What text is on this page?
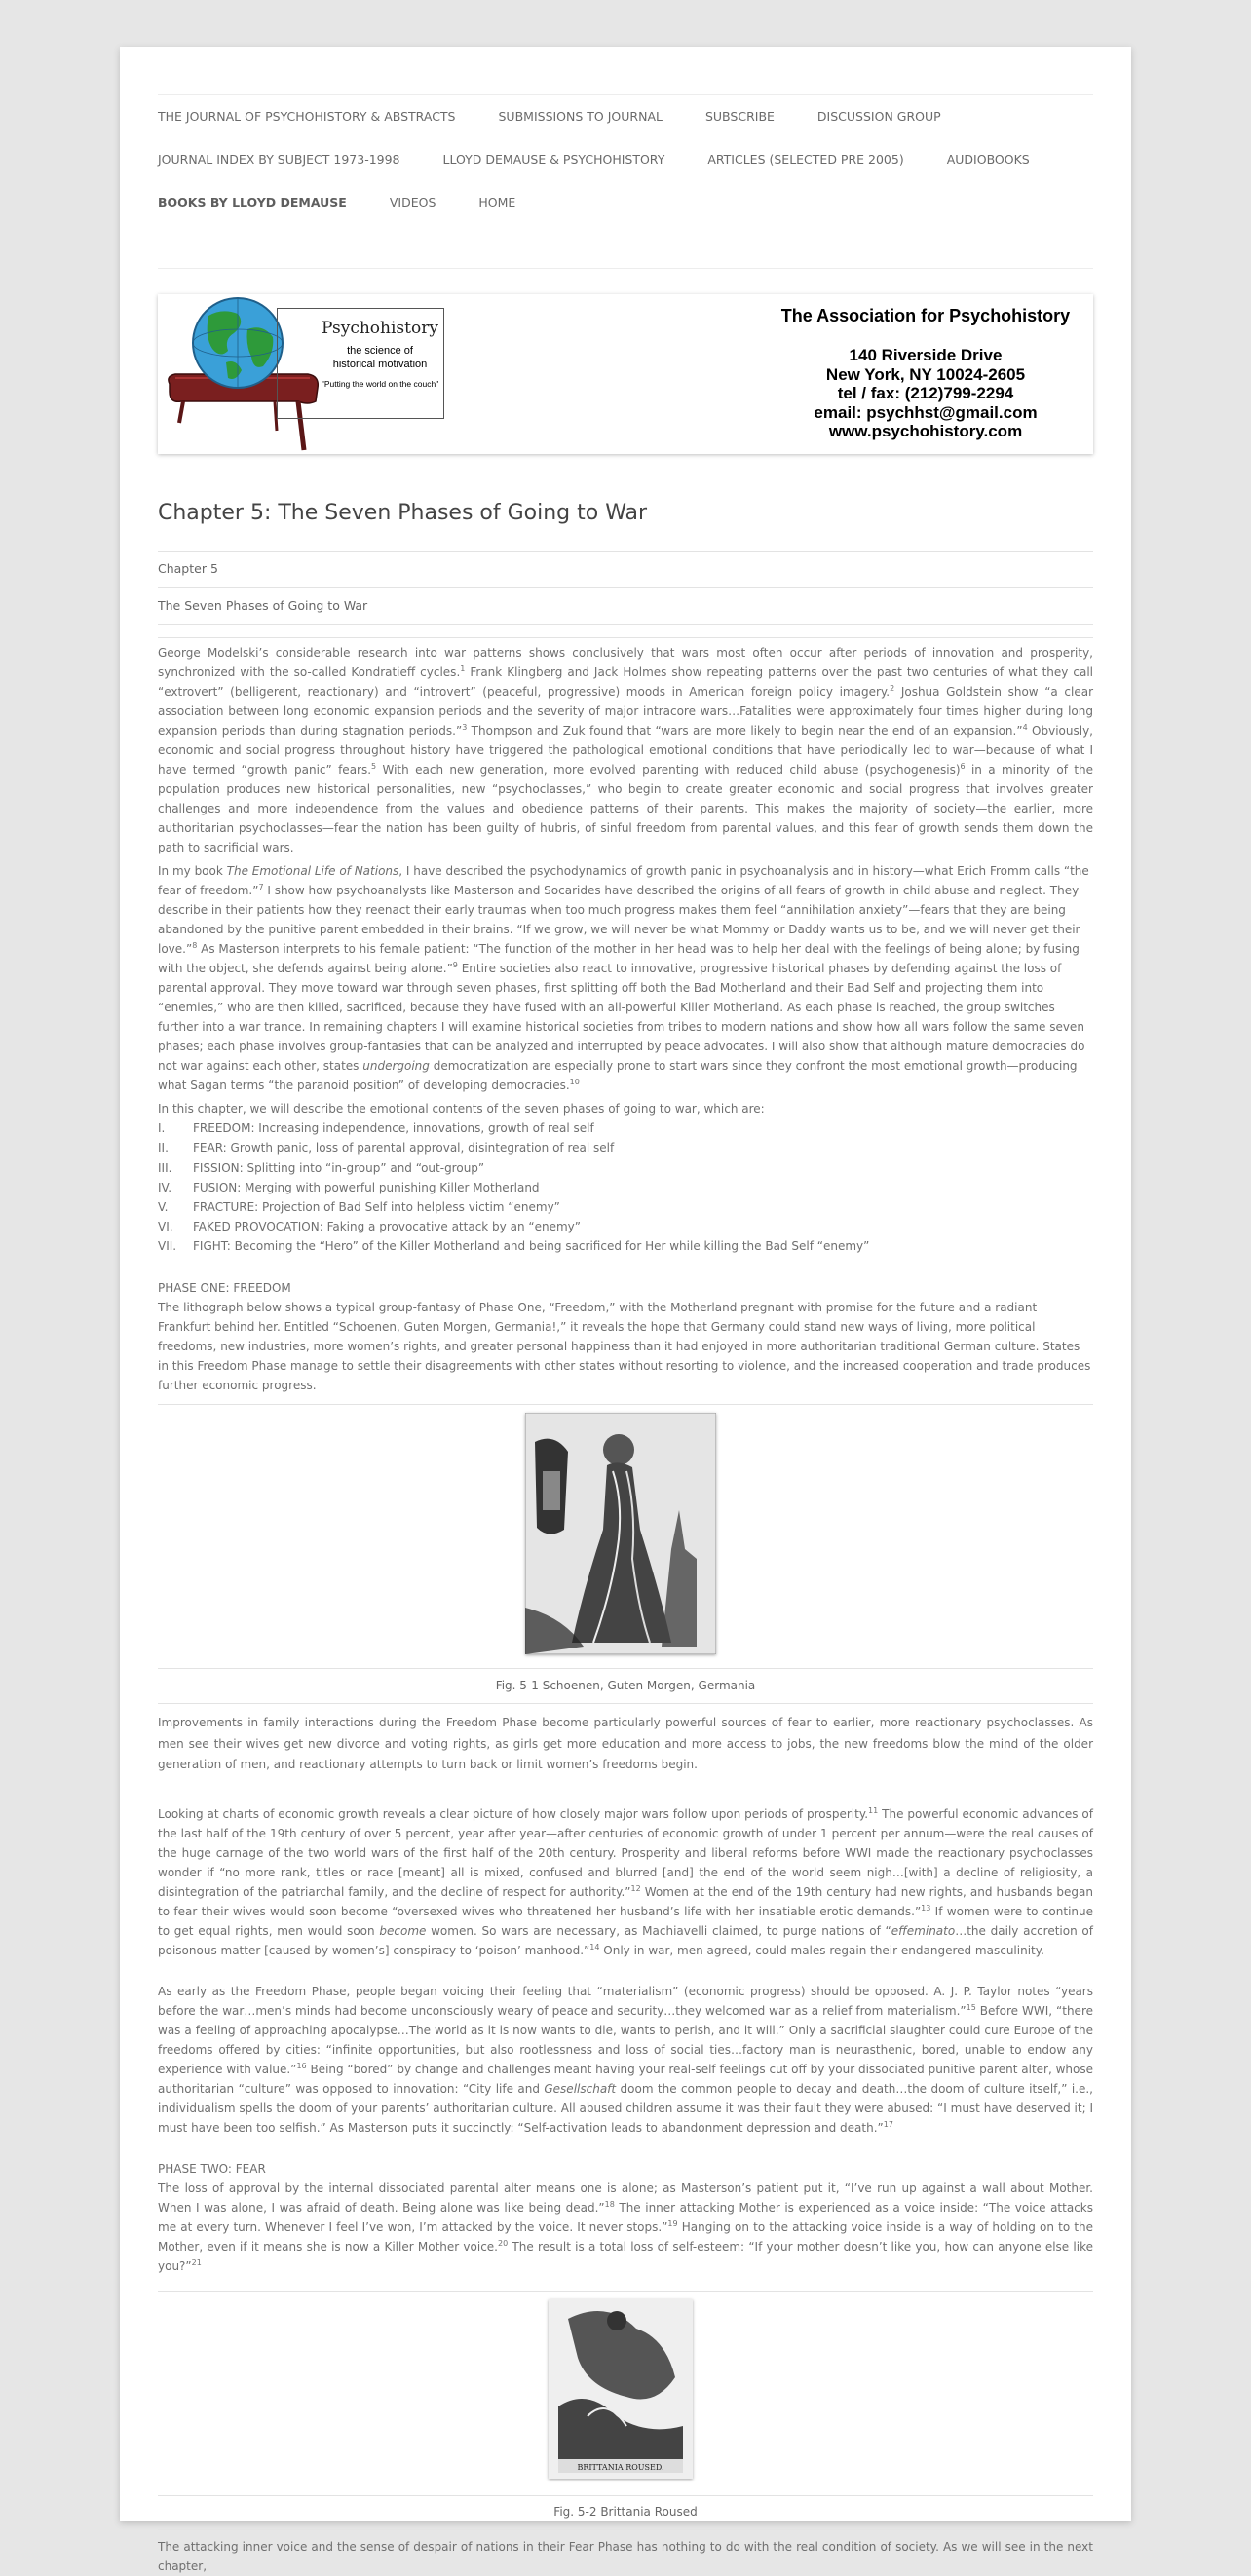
THE JOURNAL OF PSYCHOHISTORY & ABSTRACTS	SUBMISSIONS TO JOURNAL	SUBSCRIBE	DISCUSSION GROUP
JOURNAL INDEX BY SUBJECT 1973-1998	LLOYD DEMAUSE & PSYCHOHISTORY	ARTICLES (SELECTED PRE 2005)	AUDIOBOOKS
BOOKS BY LLOYD DEMAUSE	VIDEOS	HOME
Psychohistory
the science of
historical motivation
"Putting the world on the couch"
The Association for Psychohistory
140 Riverside Drive
New York, NY 10024-2605
tel / fax: (212)799-2294
email: psychhst@gmail.com
www.psychohistory.com
Chapter 5: The Seven Phases of Going to War
Chapter 5
The Seven Phases of Going to War
George Modelski’s considerable research into war patterns shows conclusively that wars most often occur after periods of innovation and prosperity, synchronized with the so-called Kondratieff cycles.$^1$ Frank Klingberg and Jack Holmes show repeating patterns over the past two centuries of what they call “extrovert” (belligerent, reactionary) and “introvert” (peaceful, progressive) moods in American foreign policy imagery.$^2$ Joshua Goldstein show “a clear association between long economic expansion periods and the severity of major intracore wars…Fatalities were approximately four times higher during long expansion periods than during stagnation periods.”$^3$ Thompson and Zuk found that “wars are more likely to begin near the end of an expansion.”$^4$ Obviously, economic and social progress throughout history have triggered the pathological emotional conditions that have periodically led to war—because of what I have termed “growth panic” fears.$^5$ With each new generation, more evolved parenting with reduced child abuse (psychogenesis)$^6$ in a minority of the population produces new historical personalities, new “psychoclasses,” who begin to create greater economic and social progress that involves greater challenges and more independence from the values and obedience patterns of their parents. This makes the majority of society—the earlier, more authoritarian psychoclasses—fear the nation has been guilty of hubris, of sinful freedom from parental values, and this fear of growth sends them down the path to sacrificial wars.
In my book The Emotional Life of Nations, I have described the psychodynamics of growth panic in psychoanalysis and in history—what Erich Fromm calls “the fear of freedom.”$^7$ I show how psychoanalysts like Masterson and Socarides have described the origins of all fears of growth in child abuse and neglect. They describe in their patients how they reenact their early traumas when too much progress makes them feel “annihilation anxiety”—fears that they are being abandoned by the punitive parent embedded in their brains. “If we grow, we will never be what Mommy or Daddy wants us to be, and we will never get their love.”$^8$ As Masterson interprets to his female patient: “The function of the mother in her head was to help her deal with the feelings of being alone; by fusing with the object, she defends against being alone.”$^9$ Entire societies also react to innovative, progressive historical phases by defending against the loss of parental approval. They move toward war through seven phases, first splitting off both the Bad Motherland and their Bad Self and projecting them into “enemies,” who are then killed, sacrificed, because they have fused with an all-powerful Killer Motherland. As each phase is reached, the group switches further into a war trance. In remaining chapters I will examine historical societies from tribes to modern nations and show how all wars follow the same seven phases; each phase involves group-fantasies that can be analyzed and interrupted by peace advocates. I will also show that although mature democracies do not war against each other, states undergoing democratization are especially prone to start wars since they confront the most emotional growth—producing what Sagan terms “the paranoid position” of developing democracies.$^{10}$
In this chapter, we will describe the emotional contents of the seven phases of going to war, which are:
I. FREEDOM: Increasing independence, innovations, growth of real self
II. FEAR: Growth panic, loss of parental approval, disintegration of real self
III. FISSION: Splitting into “in-group” and “out-group”
IV. FUSION: Merging with powerful punishing Killer Motherland
V. FRACTURE: Projection of Bad Self into helpless victim “enemy”
VI. FAKED PROVOCATION: Faking a provocative attack by an “enemy”
VII. FIGHT: Becoming the “Hero” of the Killer Motherland and being sacrificed for Her while killing the Bad Self “enemy”
PHASE ONE: FREEDOM
The lithograph below shows a typical group-fantasy of Phase One, “Freedom,” with the Motherland pregnant with promise for the future and a radiant Frankfurt behind her. Entitled “Schoenen, Guten Morgen, Germania!,” it reveals the hope that Germany could stand new ways of living, more political freedoms, new industries, more women’s rights, and greater personal happiness than it had enjoyed in more authoritarian traditional German culture. States in this Freedom Phase manage to settle their disagreements with other states without resorting to violence, and the increased cooperation and trade produces further economic progress.
Fig. 5-1 Schoenen, Guten Morgen, Germania
Improvements in family interactions during the Freedom Phase become particularly powerful sources of fear to earlier, more reactionary psychoclasses. As men see their wives get new divorce and voting rights, as girls get more education and more access to jobs, the new freedoms blow the mind of the older generation of men, and reactionary attempts to turn back or limit women’s freedoms begin.
Looking at charts of economic growth reveals a clear picture of how closely major wars follow upon periods of prosperity.$^{11}$ The powerful economic advances of the last half of the 19th century of over 5 percent, year after year—after centuries of economic growth of under 1 percent per annum—were the real causes of the huge carnage of the two world wars of the first half of the 20th century. Prosperity and liberal reforms before WWI made the reactionary psychoclasses wonder if “no more rank, titles or race [meant] all is mixed, confused and blurred [and] the end of the world seem nigh…[with] a decline of religiosity, a disintegration of the patriarchal family, and the decline of respect for authority.”$^{12}$ Women at the end of the 19th century had new rights, and husbands began to fear their wives would soon become “oversexed wives who threatened her husband’s life with her insatiable erotic demands.”$^{13}$ If women were to continue to get equal rights, men would soon become women. So wars are necessary, as Machiavelli claimed, to purge nations of “effeminato…the daily accretion of poisonous matter [caused by women’s] conspiracy to ‘poison’ manhood.”$^{14}$ Only in war, men agreed, could males regain their endangered masculinity.
As early as the Freedom Phase, people began voicing their feeling that “materialism” (economic progress) should be opposed. A. J. P. Taylor notes “years before the war…men’s minds had become unconsciously weary of peace and security…they welcomed war as a relief from materialism.”$^{15}$ Before WWI, “there was a feeling of approaching apocalypse…The world as it is now wants to die, wants to perish, and it will.” Only a sacrificial slaughter could cure Europe of the freedoms offered by cities: “infinite opportunities, but also rootlessness and loss of social ties…factory man is neurasthenic, bored, unable to endow any experience with value.”$^{16}$ Being “bored” by change and challenges meant having your real-self feelings cut off by your dissociated punitive parent alter, whose authoritarian “culture” was opposed to innovation: “City life and Gesellschaft doom the common people to decay and death…the doom of culture itself,” i.e., individualism spells the doom of your parents’ authoritarian culture. All abused children assume it was their fault they were abused: “I must have deserved it; I must have been too selfish.” As Masterson puts it succinctly: “Self-activation leads to abandonment depression and death.”$^{17}$
PHASE TWO: FEAR
The loss of approval by the internal dissociated parental alter means one is alone; as Masterson’s patient put it, “I’ve run up against a wall about Mother. When I was alone, I was afraid of death. Being alone was like being dead.”$^{18}$ The inner attacking Mother is experienced as a voice inside: “The voice attacks me at every turn. Whenever I feel I’ve won, I’m attacked by the voice. It never stops.”$^{19}$ Hanging on to the attacking voice inside is a way of holding on to the Mother, even if it means she is now a Killer Mother voice.$^{20}$ The result is a total loss of self-esteem: “If your mother doesn’t like you, how can anyone else like you?”$^{21}$
BRITTANIA ROUSED.
Fig. 5-2 Brittania Roused
The attacking inner voice and the sense of despair of nations in their Fear Phase has nothing to do with the real condition of society. As we will see in the next chapter,
